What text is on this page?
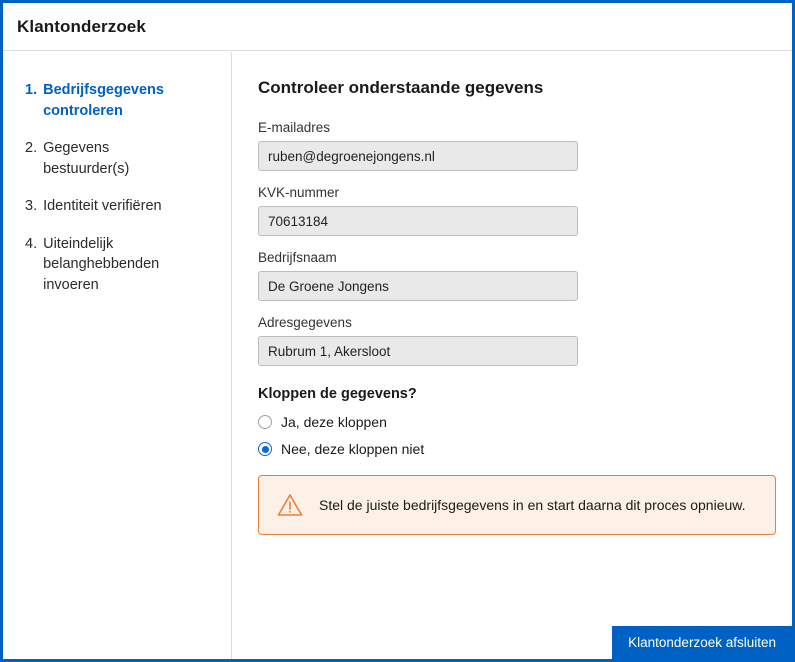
Klantonderzoek
1. Bedrijfsgegevens controleren
2. Gegevens bestuurder(s)
3. Identiteit verifiëren
4. Uiteindelijk belanghebbenden invoeren
Controleer onderstaande gegevens
E-mailadres
ruben@degroenejongens.nl
KVK-nummer
70613184
Bedrijfsnaam
De Groene Jongens
Adresgegevens
Rubrum 1, Akersloot
Kloppen de gegevens?
Ja, deze kloppen
Nee, deze kloppen niet
Stel de juiste bedrijfsgegevens in en start daarna dit proces opnieuw.
Klantonderzoek afsluiten
